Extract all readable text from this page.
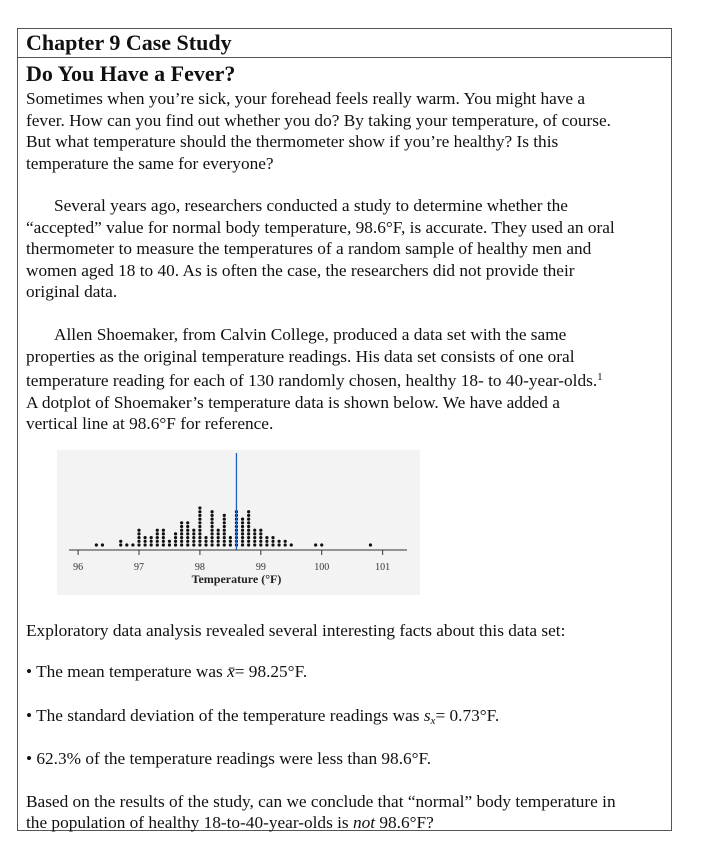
Chapter 9 Case Study
Do You Have a Fever?

Sometimes when you’re sick, your forehead feels really warm. You might have a
fever. How can you find out whether you do? By taking your temperature, of course.
But what temperature should the thermometer show if you’re healthy? Is this
temperature the same for everyone?

Several years ago, researchers conducted a study to determine whether the
“accepted” value for normal body temperature, 98.6°F, is accurate. They used an oral
thermometer to measure the temperatures of a random sample of healthy men and
women aged 18 to 40. As is often the case, the researchers did not provide their
original data.

Allen Shoemaker, from Calvin College, produced a data set with the same
properties as the original temperature readings. His data set consists of one oral
temperature reading for each of 130 randomly chosen, healthy 18- to 40-year-olds.$^1$
A dotplot of Shoemaker’s temperature data is shown below. We have added a
vertical line at 98.6°F for reference.

96	97	98	99	100	101
Temperature (°F)
Exploratory data analysis revealed several interesting facts about this data set:
• The mean temperature was x̄= 98.25°F.
• The standard deviation of the temperature readings was $s_x= 0.73^\circ F$.
• 62.3% of the temperature readings were less than 98.6°F.
Based on the results of the study, can we conclude that “normal” body temperature in
the population of healthy 18-to-40-year-olds is not 98.6°F?
